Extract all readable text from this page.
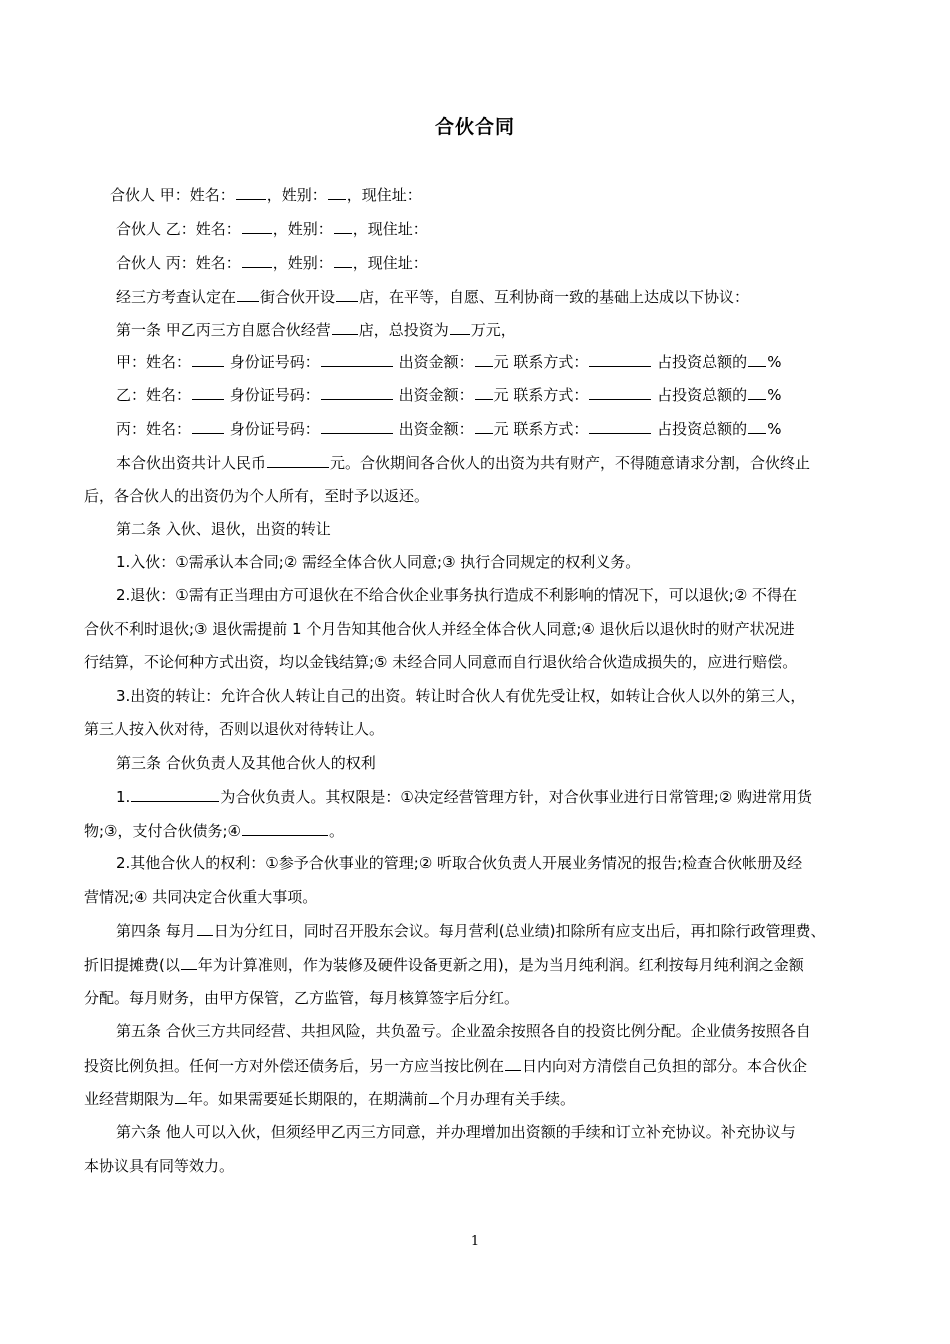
合伙合同
合伙人 甲：姓名： ，姓别： ，现住址：
合伙人 乙：姓名： ，姓别： ，现住址：
合伙人 丙：姓名： ，姓别： ，现住址：
经三方考查认定在 街合伙开设 店，在平等，自愿、互利协商一致的基础上达成以下协议：
第一条 甲乙丙三方自愿合伙经营 店，总投资为 万元，
甲：姓名：	身份证号码：	出资金额： 元 联系方式：	占投资总额的 %
乙：姓名：	身份证号码：	出资金额： 元 联系方式：	占投资总额的 %
丙：姓名：	身份证号码：	出资金额： 元 联系方式：	占投资总额的 %
本合伙出资共计人民币	元。合伙期间各合伙人的出资为共有财产，不得随意请求分割，合伙终止
后，各合伙人的出资仍为个人所有，至时予以返还。
第二条 入伙、退伙，出资的转让
1.入伙：①需承认本合同;② 需经全体合伙人同意;③ 执行合同规定的权利义务。
2.退伙：①需有正当理由方可退伙在不给合伙企业事务执行造成不利影响的情况下，可以退伙;② 不得在
合伙不利时退伙;③ 退伙需提前 1 个月告知其他合伙人并经全体合伙人同意;④ 退伙后以退伙时的财产状况进
行结算，不论何种方式出资，均以金钱结算;⑤ 未经合同人同意而自行退伙给合伙造成损失的，应进行赔偿。
3.出资的转让：允许合伙人转让自己的出资。转让时合伙人有优先受让权，如转让合伙人以外的第三人，
第三人按入伙对待，否则以退伙对待转让人。
第三条 合伙负责人及其他合伙人的权利
1.	为合伙负责人。其权限是：①决定经营管理方针，对合伙事业进行日常管理;② 购进常用货
物;③，支付合伙债务;④	。
2.其他合伙人的权利：①参予合伙事业的管理;② 听取合伙负责人开展业务情况的报告;检查合伙帐册及经
营情况;④ 共同决定合伙重大事项。
第四条 每月 日为分红日，同时召开股东会议。每月营利(总业绩)扣除所有应支出后，再扣除行政管理费、
折旧提摊费(以 年为计算准则，作为装修及硬件设备更新之用)，是为当月纯利润。红利按每月纯利润之金额
分配。每月财务，由甲方保管，乙方监管，每月核算签字后分红。
第五条 合伙三方共同经营、共担风险，共负盈亏。企业盈余按照各自的投资比例分配。企业债务按照各自
投资比例负担。任何一方对外偿还债务后，另一方应当按比例在 日内向对方清偿自己负担的部分。本合伙企
业经营期限为 年。如果需要延长期限的，在期满前 个月办理有关手续。
第六条 他人可以入伙，但须经甲乙丙三方同意，并办理增加出资额的手续和订立补充协议。补充协议与
本协议具有同等效力。
1
